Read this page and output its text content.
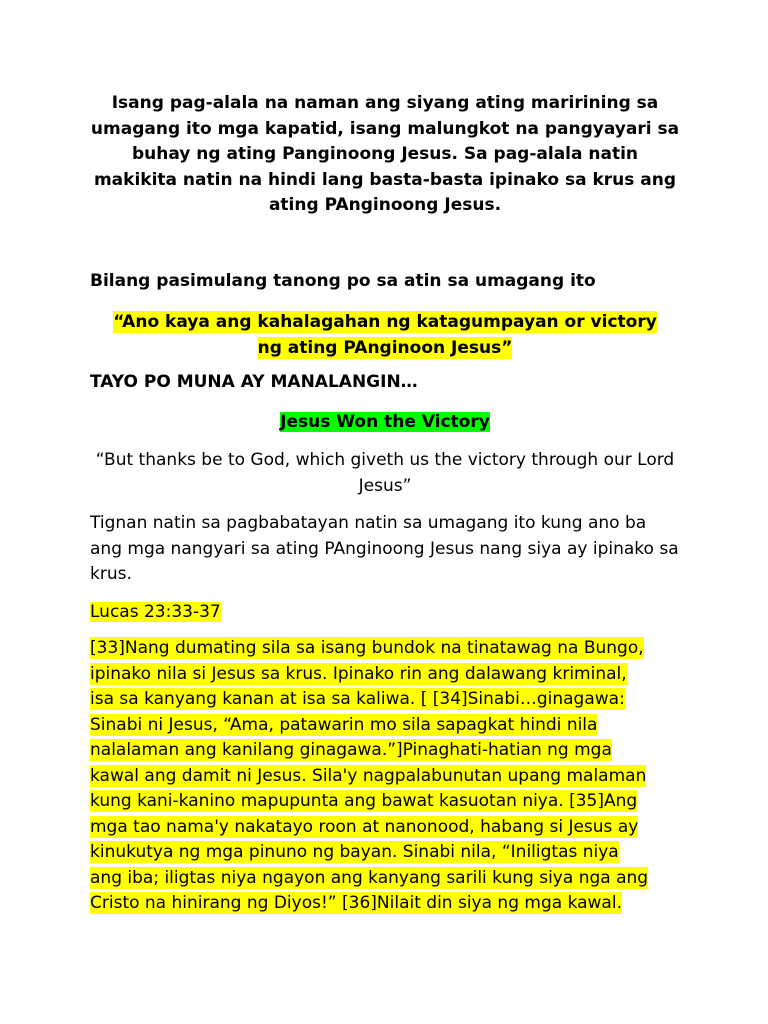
Isang pag-alala na naman ang siyang ating maririning sa umagang ito mga kapatid, isang malungkot na pangyayari sa buhay ng ating Panginoong Jesus. Sa pag-alala natin makikita natin na hindi lang basta-basta ipinako sa krus ang ating PAnginoong Jesus.

Bilang pasimulang tanong po sa atin sa umagang ito

“Ano kaya ang kahalagahan ng katagumpayan or victory
ng ating PAnginoon Jesus”

TAYO PO MUNA AY MANALANGIN…

Jesus Won the Victory

“But thanks be to God, which giveth us the victory through our Lord Jesus”

Tignan natin sa pagbabatayan natin sa umagang ito kung ano ba ang mga nangyari sa ating PAnginoong Jesus nang siya ay ipinako sa krus.

Lucas 23:33-37

[33]Nang dumating sila sa isang bundok na tinatawag na Bungo,
ipinako nila si Jesus sa krus. Ipinako rin ang dalawang kriminal,
isa sa kanyang kanan at isa sa kaliwa. [ [34]Sinabi…ginagawa:
Sinabi ni Jesus, “Ama, patawarin mo sila sapagkat hindi nila
nalalaman ang kanilang ginagawa.”]Pinaghati-hatian ng mga
kawal ang damit ni Jesus. Sila'y nagpalabunutan upang malaman
kung kani-kanino mapupunta ang bawat kasuotan niya. [35]Ang
mga tao nama'y nakatayo roon at nanonood, habang si Jesus ay
kinukutya ng mga pinuno ng bayan. Sinabi nila, “Iniligtas niya
ang iba; iligtas niya ngayon ang kanyang sarili kung siya nga ang
Cristo na hinirang ng Diyos!” [36]Nilait din siya ng mga kawal.
